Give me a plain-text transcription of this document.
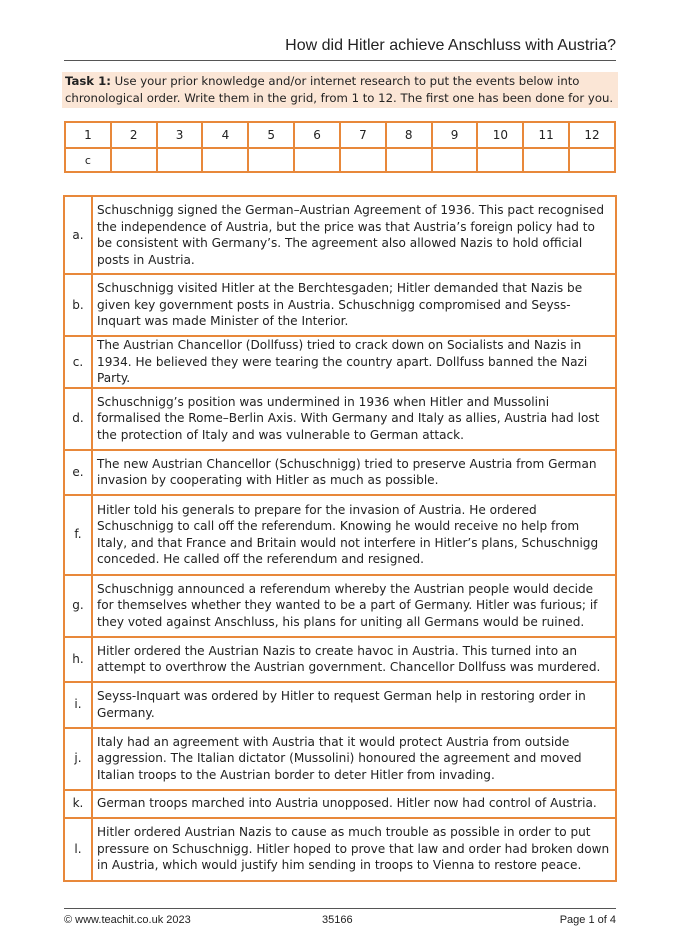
How did Hitler achieve Anschluss with Austria?
Task 1: Use your prior knowledge and/or internet research to put the events below into chronological order. Write them in the grid, from 1 to 12. The first one has been done for you.
1	2	3	4	5	6	7	8	9	10	11	12
c											
a.	Schuschnigg signed the German–Austrian Agreement of 1936. This pact recognised the independence of Austria, but the price was that Austria’s foreign policy had to be consistent with Germany’s. The agreement also allowed Nazis to hold official posts in Austria.
b.	Schuschnigg visited Hitler at the Berchtesgaden; Hitler demanded that Nazis be given key government posts in Austria. Schuschnigg compromised and Seyss-Inquart was made Minister of the Interior.
c.	The Austrian Chancellor (Dollfuss) tried to crack down on Socialists and Nazis in 1934. He believed they were tearing the country apart. Dollfuss banned the Nazi Party.
d.	Schuschnigg’s position was undermined in 1936 when Hitler and Mussolini formalised the Rome–Berlin Axis. With Germany and Italy as allies, Austria had lost the protection of Italy and was vulnerable to German attack.
e.	The new Austrian Chancellor (Schuschnigg) tried to preserve Austria from German invasion by cooperating with Hitler as much as possible.
f.	Hitler told his generals to prepare for the invasion of Austria. He ordered Schuschnigg to call off the referendum. Knowing he would receive no help from Italy, and that France and Britain would not interfere in Hitler’s plans, Schuschnigg conceded. He called off the referendum and resigned.
g.	Schuschnigg announced a referendum whereby the Austrian people would decide for themselves whether they wanted to be a part of Germany. Hitler was furious; if they voted against Anschluss, his plans for uniting all Germans would be ruined.
h.	Hitler ordered the Austrian Nazis to create havoc in Austria. This turned into an attempt to overthrow the Austrian government. Chancellor Dollfuss was murdered.
i.	Seyss-Inquart was ordered by Hitler to request German help in restoring order in Germany.
j.	Italy had an agreement with Austria that it would protect Austria from outside aggression. The Italian dictator (Mussolini) honoured the agreement and moved Italian troops to the Austrian border to deter Hitler from invading.
k.	German troops marched into Austria unopposed. Hitler now had control of Austria.
l.	Hitler ordered Austrian Nazis to cause as much trouble as possible in order to put pressure on Schuschnigg. Hitler hoped to prove that law and order had broken down in Austria, which would justify him sending in troops to Vienna to restore peace.
© www.teachit.co.uk 2023	35166	Page 1 of 4
